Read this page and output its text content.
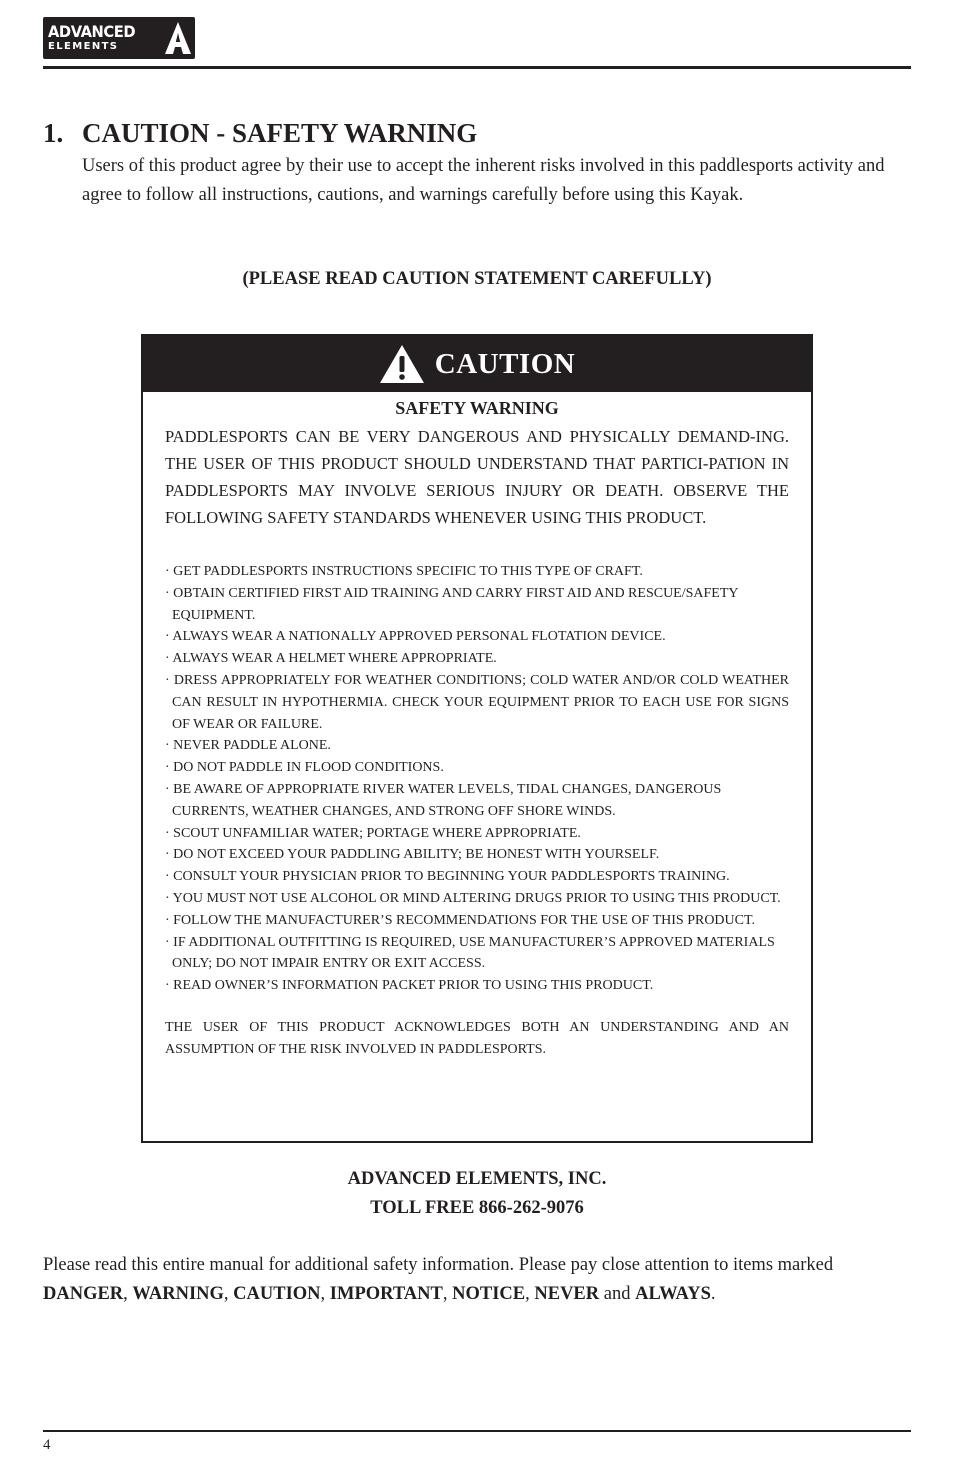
ADVANCED
ELEMENTS
1. CAUTION - SAFETY WARNING

Users of this product agree by their use to accept the inherent risks involved in this paddlesports activity and agree to follow all instructions, cautions, and warnings carefully before using this Kayak.

(PLEASE READ CAUTION STATEMENT CAREFULLY)
CAUTION
SAFETY WARNING

PADDLESPORTS CAN BE VERY DANGEROUS AND PHYSICALLY DEMAND-ING. THE USER OF THIS PRODUCT SHOULD UNDERSTAND THAT PARTICI-PATION IN PADDLESPORTS MAY INVOLVE SERIOUS INJURY OR DEATH. OBSERVE THE FOLLOWING SAFETY STANDARDS WHENEVER USING THIS PRODUCT.

· GET PADDLESPORTS INSTRUCTIONS SPECIFIC TO THIS TYPE OF CRAFT.
· OBTAIN CERTIFIED FIRST AID TRAINING AND CARRY FIRST AID AND RESCUE/SAFETY EQUIPMENT.
· ALWAYS WEAR A NATIONALLY APPROVED PERSONAL FLOTATION DEVICE.
· ALWAYS WEAR A HELMET WHERE APPROPRIATE.
· DRESS APPROPRIATELY FOR WEATHER CONDITIONS; COLD WATER AND/OR COLD WEATHER CAN RESULT IN HYPOTHERMIA. CHECK YOUR EQUIPMENT PRIOR TO EACH USE FOR SIGNS OF WEAR OR FAILURE.
· NEVER PADDLE ALONE.
· DO NOT PADDLE IN FLOOD CONDITIONS.
· BE AWARE OF APPROPRIATE RIVER WATER LEVELS, TIDAL CHANGES, DANGEROUS CURRENTS, WEATHER CHANGES, AND STRONG OFF SHORE WINDS.
· SCOUT UNFAMILIAR WATER; PORTAGE WHERE APPROPRIATE.
· DO NOT EXCEED YOUR PADDLING ABILITY; BE HONEST WITH YOURSELF.
· CONSULT YOUR PHYSICIAN PRIOR TO BEGINNING YOUR PADDLESPORTS TRAINING.
· YOU MUST NOT USE ALCOHOL OR MIND ALTERING DRUGS PRIOR TO USING THIS PRODUCT.
· FOLLOW THE MANUFACTURER’S RECOMMENDATIONS FOR THE USE OF THIS PRODUCT.
· IF ADDITIONAL OUTFITTING IS REQUIRED, USE MANUFACTURER’S APPROVED MATERIALS ONLY; DO NOT IMPAIR ENTRY OR EXIT ACCESS.
· READ OWNER’S INFORMATION PACKET PRIOR TO USING THIS PRODUCT.

THE USER OF THIS PRODUCT ACKNOWLEDGES BOTH AN UNDERSTANDING AND AN ASSUMPTION OF THE RISK INVOLVED IN PADDLESPORTS.

ADVANCED ELEMENTS, INC.
TOLL FREE 866-262-9076

Please read this entire manual for additional safety information. Please pay close attention to items marked DANGER, WARNING, CAUTION, IMPORTANT, NOTICE, NEVER and ALWAYS.

4
